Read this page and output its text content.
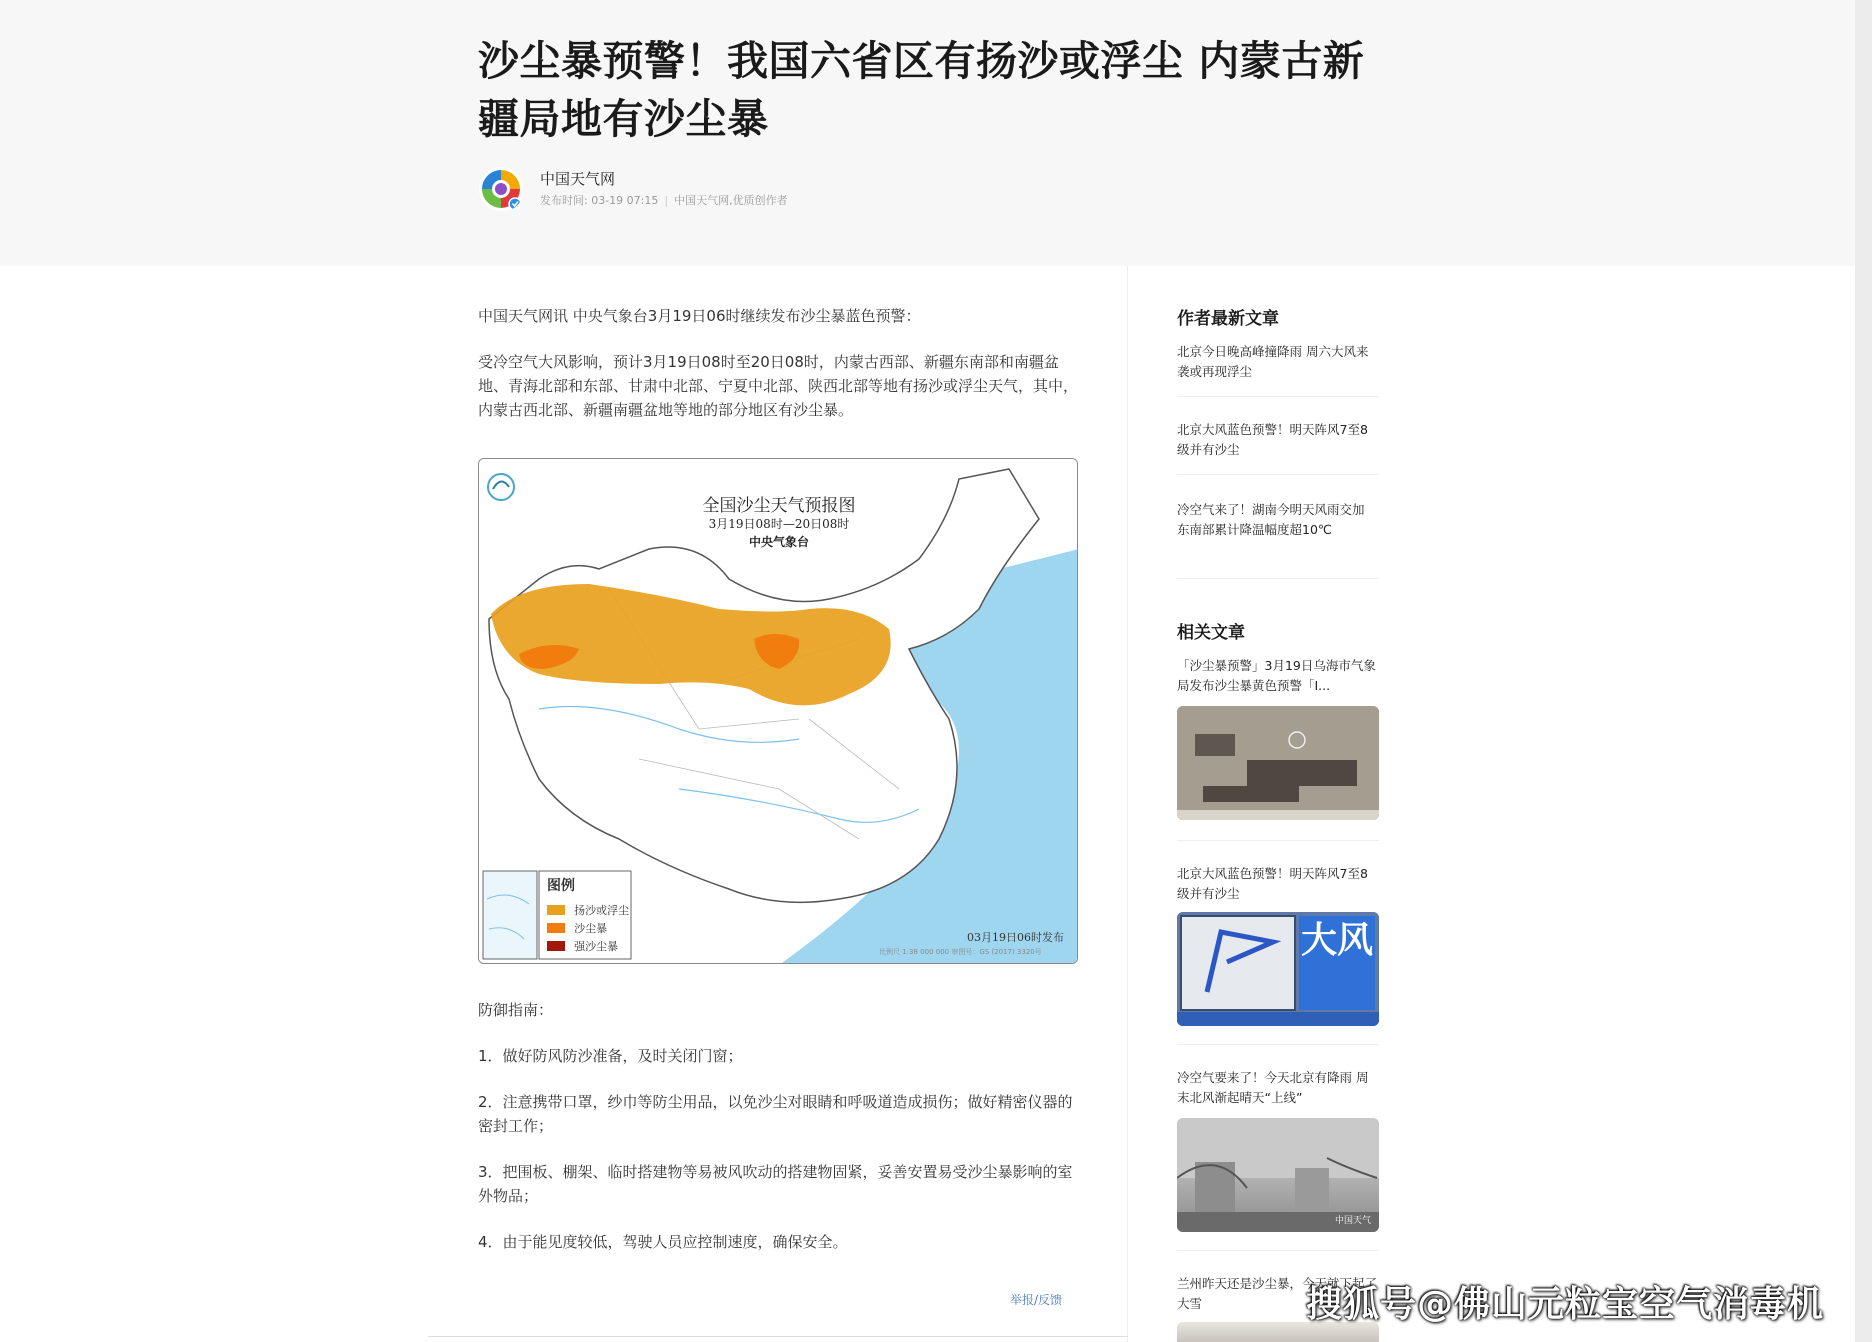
沙尘暴预警！我国六省区有扬沙或浮尘 内蒙古新疆局地有沙尘暴
中国天气网
发布时间: 03-19 07:15 | 中国天气网,优质创作者

中国天气网讯 中央气象台3月19日06时继续发布沙尘暴蓝色预警：

受冷空气大风影响，预计3月19日08时至20日08时，内蒙古西部、新疆东南部和南疆盆地、青海北部和东部、甘肃中北部、宁夏中北部、陕西北部等地有扬沙或浮尘天气，其中，内蒙古西北部、新疆南疆盆地等地的部分地区有沙尘暴。

防御指南：

1．做好防风防沙准备，及时关闭门窗；

2．注意携带口罩，纱巾等防尘用品，以免沙尘对眼睛和呼吸道造成损伤；做好精密仪器的密封工作；

3．把围板、棚架、临时搭建物等易被风吹动的搭建物固紧，妥善安置易受沙尘暴影响的室外物品；

4．由于能见度较低，驾驶人员应控制速度，确保安全。

全国沙尘天气预报图
3月19日08时—20日08时
中央气象台
图例
扬沙或浮尘
沙尘暴
强沙尘暴
03月19日06时发布
比例尺 1:38 000 000 审图号：GS (2017) 3320号
举报/反馈
作者最新文章
北京今日晚高峰撞降雨 周六大风来袭或再现浮尘
北京大风蓝色预警！明天阵风7至8级并有沙尘
冷空气来了！湖南今明天风雨交加 东南部累计降温幅度超10℃
相关文章
「沙尘暴预警」3月19日乌海市气象局发布沙尘暴黄色预警「I...
北京大风蓝色预警！明天阵风7至8级并有沙尘
大风
冷空气要来了！今天北京有降雨 周末北风渐起晴天“上线”
中国天气
兰州昨天还是沙尘暴，今天就下起了大雪	搜狐号@佛山元粒宝空气消毒机
